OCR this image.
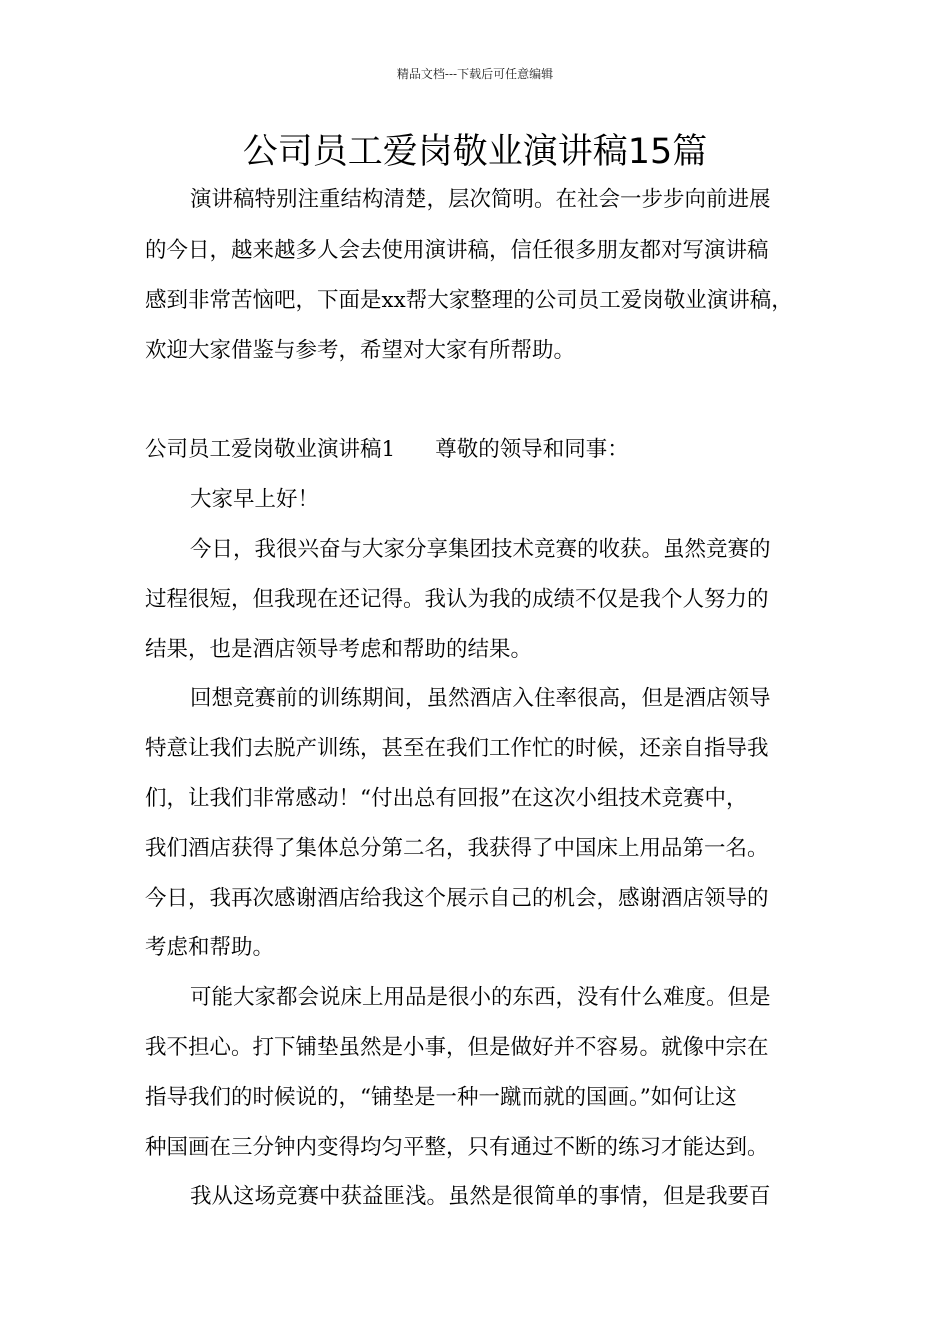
精品文档---下载后可任意编辑
公司员工爱岗敬业演讲稿15篇

演讲稿特别注重结构清楚，层次简明。在社会一步步向前进展

的今日，越来越多人会去使用演讲稿，信任很多朋友都对写演讲稿

感到非常苦恼吧，下面是xx帮大家整理的公司员工爱岗敬业演讲稿，

欢迎大家借鉴与参考，希望对大家有所帮助。

公司员工爱岗敬业演讲稿1 尊敬的领导和同事：

大家早上好！

今日，我很兴奋与大家分享集团技术竞赛的收获。虽然竞赛的

过程很短，但我现在还记得。我认为我的成绩不仅是我个人努力的

结果，也是酒店领导考虑和帮助的结果。

回想竞赛前的训练期间，虽然酒店入住率很高，但是酒店领导

特意让我们去脱产训练，甚至在我们工作忙的时候，还亲自指导我

们，让我们非常感动！“付出总有回报”在这次小组技术竞赛中，

我们酒店获得了集体总分第二名，我获得了中国床上用品第一名。

今日，我再次感谢酒店给我这个展示自己的机会，感谢酒店领导的

考虑和帮助。

可能大家都会说床上用品是很小的东西，没有什么难度。但是

我不担心。打下铺垫虽然是小事，但是做好并不容易。就像中宗在

指导我们的时候说的，“铺垫是一种一蹴而就的国画。”如何让这

种国画在三分钟内变得均匀平整，只有通过不断的练习才能达到。

我从这场竞赛中获益匪浅。虽然是很简单的事情，但是我要百
